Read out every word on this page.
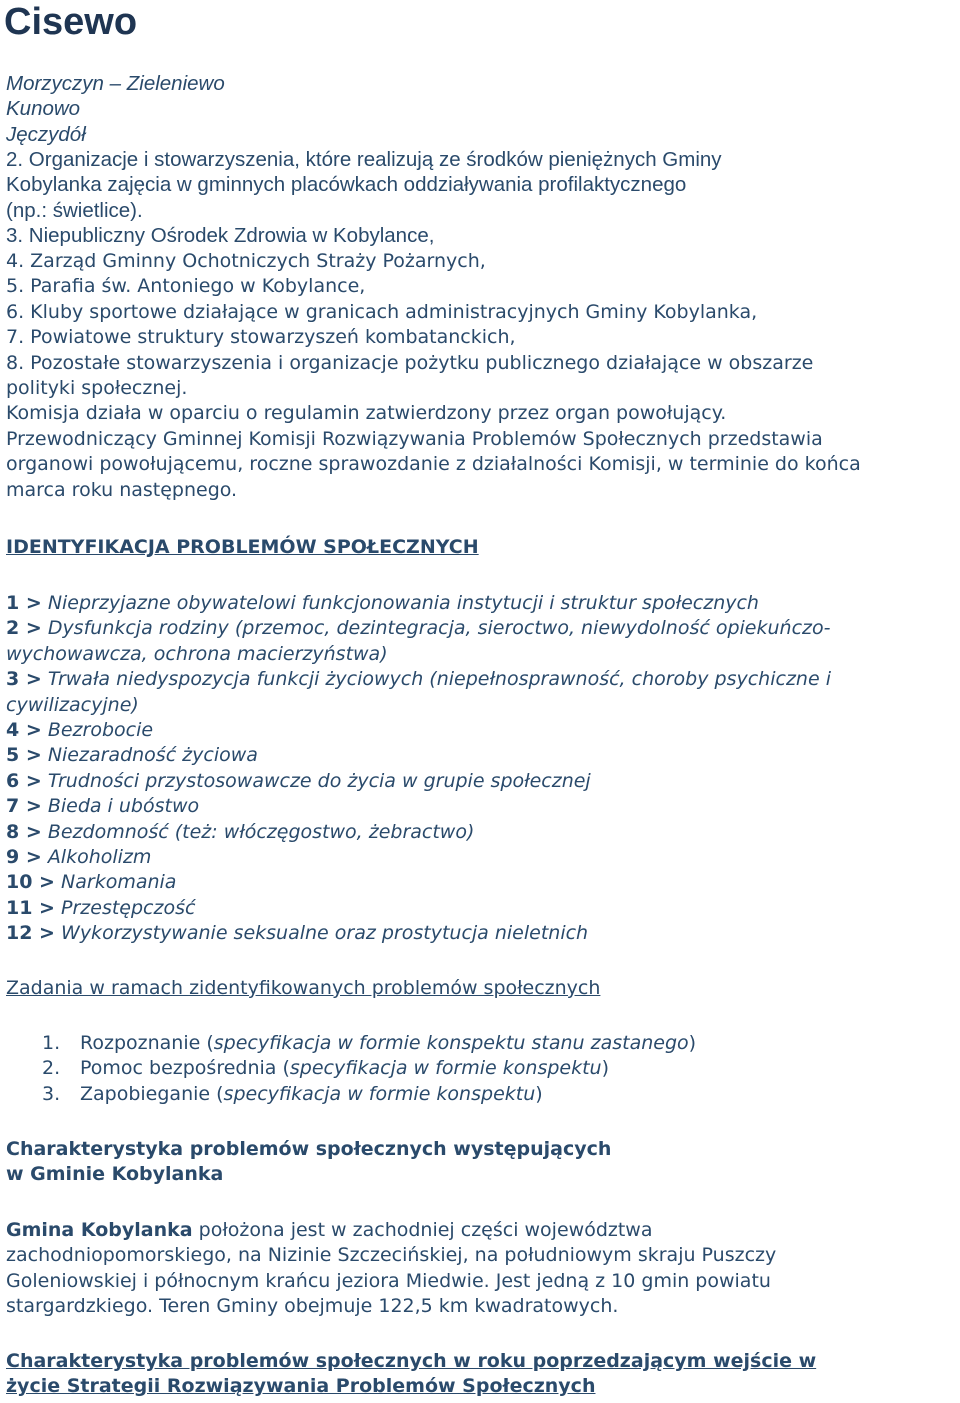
Cisewo
Morzyczyn – Zieleniewo
Kunowo
Jęczydół
2. Organizacje i stowarzyszenia, które realizują ze środków pieniężnych Gminy
Kobylanka zajęcia w gminnych placówkach oddziaływania profilaktycznego
(np.: świetlice).
3. Niepubliczny Ośrodek Zdrowia w Kobylance,
4. Zarząd Gminny Ochotniczych Straży Pożarnych,
5. Parafia św. Antoniego w Kobylance,
6. Kluby sportowe działające w granicach administracyjnych Gminy Kobylanka,
7. Powiatowe struktury stowarzyszeń kombatanckich,
8. Pozostałe stowarzyszenia i organizacje pożytku publicznego działające w obszarze
polityki społecznej.
Komisja działa w oparciu o regulamin zatwierdzony przez organ powołujący.
Przewodniczący Gminnej Komisji Rozwiązywania Problemów Społecznych przedstawia
organowi powołującemu, roczne sprawozdanie z działalności Komisji, w terminie do końca
marca roku następnego.
IDENTYFIKACJA PROBLEMÓW SPOŁECZNYCH
1 > Nieprzyjazne obywatelowi funkcjonowania instytucji i struktur społecznych
2 > Dysfunkcja rodziny (przemoc, dezintegracja, sieroctwo, niewydolność opiekuńczo-
wychowawcza, ochrona macierzyństwa)
3 > Trwała niedyspozycja funkcji życiowych (niepełnosprawność, choroby psychiczne i
cywilizacyjne)
4 > Bezrobocie
5 > Niezaradność życiowa
6 > Trudności przystosowawcze do życia w grupie społecznej
7 > Bieda i ubóstwo
8 > Bezdomność (też: włóczęgostwo, żebractwo)
9 > Alkoholizm
10 > Narkomania
11 > Przestępczość
12 > Wykorzystywanie seksualne oraz prostytucja nieletnich
Zadania w ramach zidentyfikowanych problemów społecznych
1. Rozpoznanie (specyfikacja w formie konspektu stanu zastanego)
2. Pomoc bezpośrednia (specyfikacja w formie konspektu)
3. Zapobieganie (specyfikacja w formie konspektu)
Charakterystyka problemów społecznych występujących
w Gminie Kobylanka
Gmina Kobylanka położona jest w zachodniej części województwa
zachodniopomorskiego, na Nizinie Szczecińskiej, na południowym skraju Puszczy
Goleniowskiej i północnym krańcu jeziora Miedwie. Jest jedną z 10 gmin powiatu
stargardzkiego. Teren Gminy obejmuje 122,5 km kwadratowych.
Charakterystyka problemów społecznych w roku poprzedzającym wejście w
życie Strategii Rozwiązywania Problemów Społecznych
